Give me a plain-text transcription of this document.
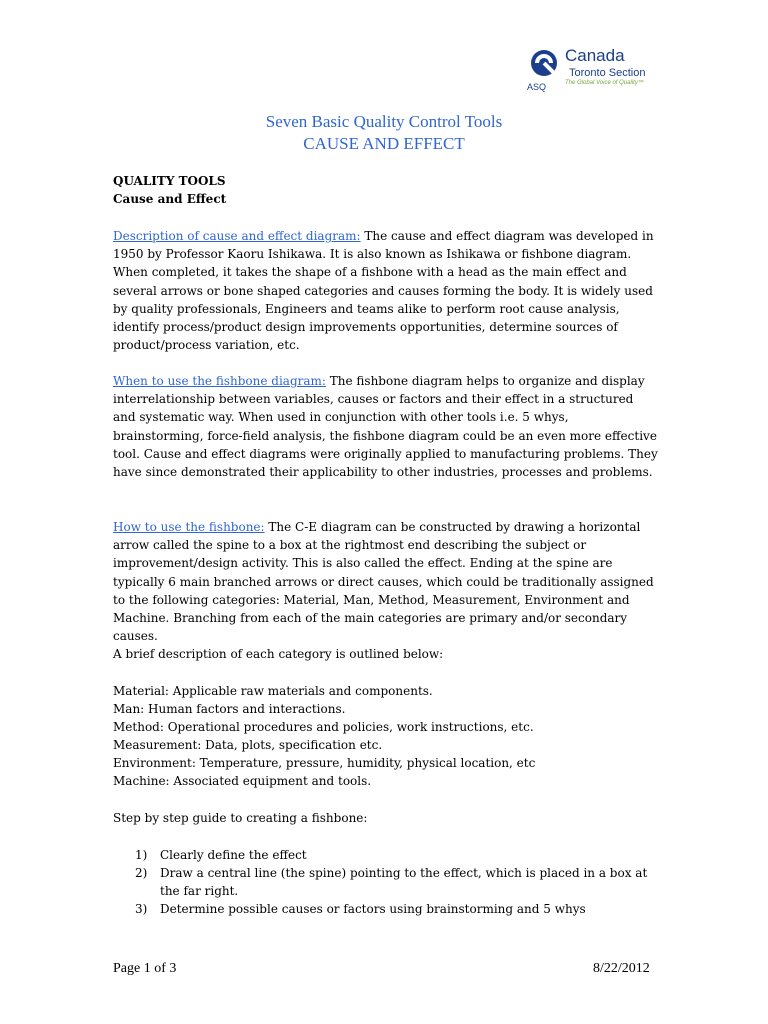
ASQ
Canada
Toronto Section
The Global Voice of Quality™
Seven Basic Quality Control Tools
CAUSE AND EFFECT
QUALITY TOOLS
Cause and Effect

Description of cause and effect diagram: The cause and effect diagram was developed in 1950 by Professor Kaoru Ishikawa. It is also known as Ishikawa or fishbone diagram. When completed, it takes the shape of a fishbone with a head as the main effect and several arrows or bone shaped categories and causes forming the body. It is widely used by quality professionals, Engineers and teams alike to perform root cause analysis, identify process/product design improvements opportunities, determine sources of product/process variation, etc.

When to use the fishbone diagram: The fishbone diagram helps to organize and display interrelationship between variables, causes or factors and their effect in a structured and systematic way. When used in conjunction with other tools i.e. 5 whys, brainstorming, force-field analysis, the fishbone diagram could be an even more effective tool. Cause and effect diagrams were originally applied to manufacturing problems. They have since demonstrated their applicability to other industries, processes and problems.

How to use the fishbone: The C-E diagram can be constructed by drawing a horizontal arrow called the spine to a box at the rightmost end describing the subject or improvement/design activity. This is also called the effect. Ending at the spine are typically 6 main branched arrows or direct causes, which could be traditionally assigned to the following categories: Material, Man, Method, Measurement, Environment and Machine. Branching from each of the main categories are primary and/or secondary causes.

A brief description of each category is outlined below:
Material: Applicable raw materials and components.
Man: Human factors and interactions.
Method: Operational procedures and policies, work instructions, etc.
Measurement: Data, plots, specification etc.
Environment: Temperature, pressure, humidity, physical location, etc
Machine: Associated equipment and tools.
Step by step guide to creating a fishbone:
1)	Clearly define the effect
2)	Draw a central line (the spine) pointing to the effect, which is placed in a box at the far right.
3)	Determine possible causes or factors using brainstorming and 5 whys
Page 1 of 3	8/22/2012
